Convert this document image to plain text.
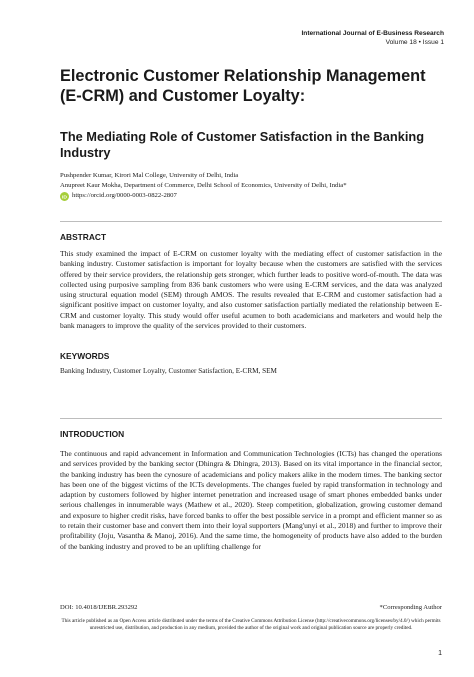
International Journal of E-Business Research
Volume 18 • Issue 1
Electronic Customer Relationship Management (E-CRM) and Customer Loyalty:
The Mediating Role of Customer Satisfaction in the Banking Industry
Pushpender Kumar, Kirori Mal College, University of Delhi, India
Anupreet Kaur Mokha, Department of Commerce, Delhi School of Economics, University of Delhi, India*
iD https://orcid.org/0000-0003-0822-2807
ABSTRACT

This study examined the impact of E-CRM on customer loyalty with the mediating effect of customer satisfaction in the banking industry. Customer satisfaction is important for loyalty because when the customers are satisfied with the services offered by their service providers, the relationship gets stronger, which further leads to positive word-of-mouth. The data was collected using purposive sampling from 836 bank customers who were using E-CRM services, and the data was analyzed using structural equation model (SEM) through AMOS. The results revealed that E-CRM and customer satisfaction had a significant positive impact on customer loyalty, and also customer satisfaction partially mediated the relationship between E-CRM and customer loyalty. This study would offer useful acumen to both academicians and marketers and would help the bank managers to improve the quality of the services provided to their customers.

KEYWORDS

Banking Industry, Customer Loyalty, Customer Satisfaction, E-CRM, SEM

INTRODUCTION

The continuous and rapid advancement in Information and Communication Technologies (ICTs) has changed the operations and services provided by the banking sector (Dhingra & Dhingra, 2013). Based on its vital importance in the financial sector, the banking industry has been the cynosure of academicians and policy makers alike in the modern times. The banking sector has been one of the biggest victims of the ICTs developments. The changes fueled by rapid transformation in technology and adaption by customers followed by higher internet penetration and increased usage of smart phones embedded banks under serious challenges in innumerable ways (Mathew et al., 2020). Steep competition, globalization, growing customer demand and exposure to higher credit risks, have forced banks to offer the best possible service in a prompt and efficient manner so as to retain their customer base and convert them into their loyal supporters (Mang'unyi et al., 2018) and further to improve their profitability (Joju, Vasantha & Manoj, 2016). And the same time, the homogeneity of products have also added to the burden of the banking industry and proved to be an uplifting challenge for

DOI: 10.4018/IJEBR.293292	*Corresponding Author
This article published as an Open Access article distributed under the terms of the Creative Commons Attribution License (http://creativecommons.org/licenses/by/4.0/) which permits unrestricted use, distribution, and production in any medium, provided the author of the original work and original publication source are properly credited.
1
